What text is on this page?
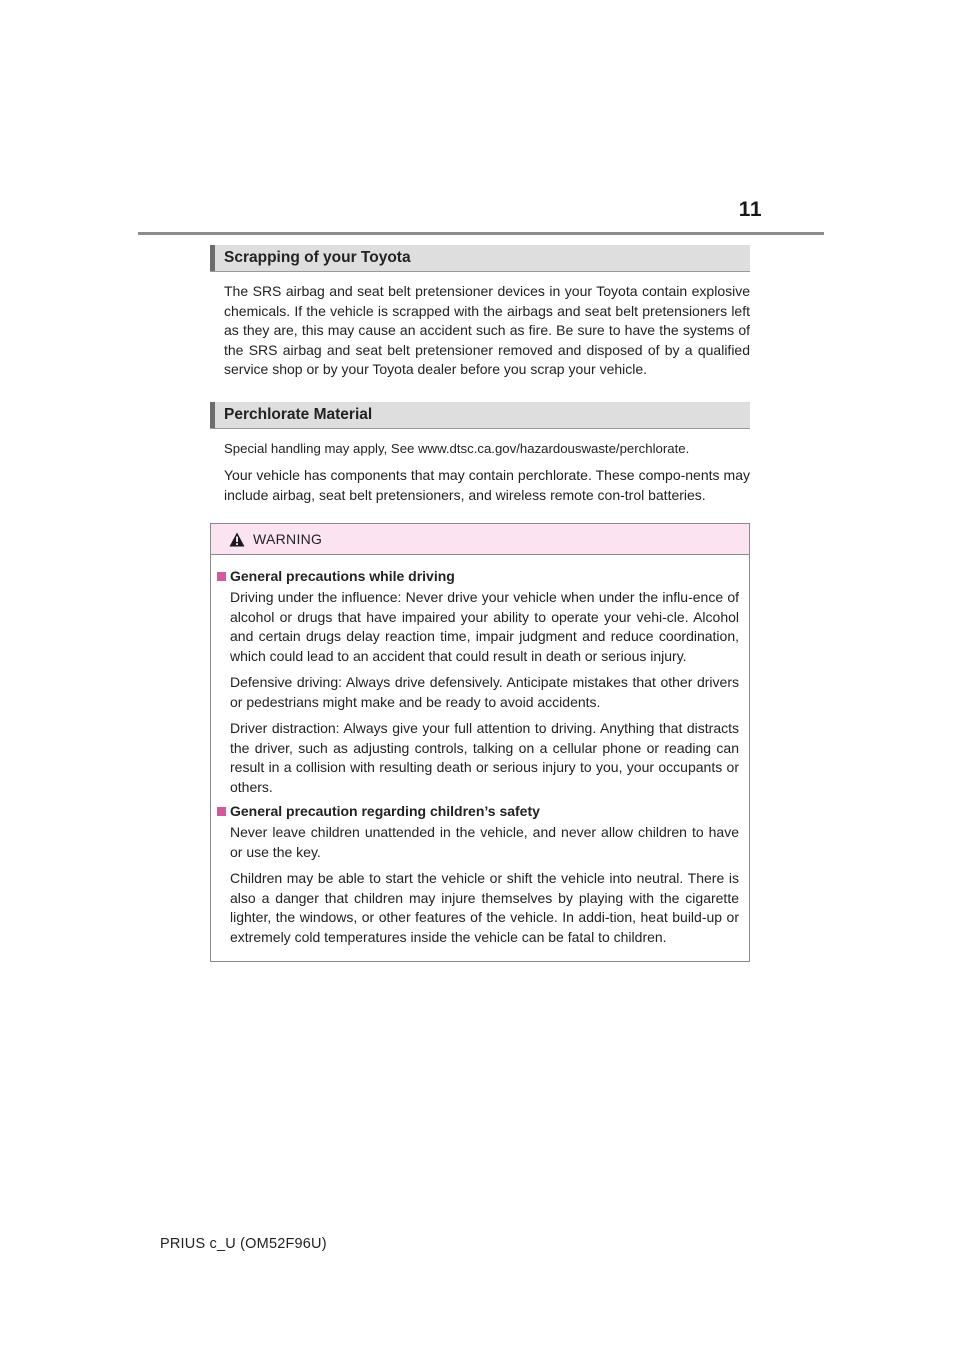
11
Scrapping of your Toyota

The SRS airbag and seat belt pretensioner devices in your Toyota contain explosive chemicals. If the vehicle is scrapped with the airbags and seat belt pretensioners left as they are, this may cause an accident such as fire. Be sure to have the systems of the SRS airbag and seat belt pretensioner removed and disposed of by a qualified service shop or by your Toyota dealer before you scrap your vehicle.

Perchlorate Material

Special handling may apply, See www.dtsc.ca.gov/hazardouswaste/perchlorate.

Your vehicle has components that may contain perchlorate. These compo-nents may include airbag, seat belt pretensioners, and wireless remote con-trol batteries.

WARNING
General precautions while driving

Driving under the influence: Never drive your vehicle when under the influ-ence of alcohol or drugs that have impaired your ability to operate your vehi-cle. Alcohol and certain drugs delay reaction time, impair judgment and reduce coordination, which could lead to an accident that could result in death or serious injury.

Defensive driving: Always drive defensively. Anticipate mistakes that other drivers or pedestrians might make and be ready to avoid accidents.

Driver distraction: Always give your full attention to driving. Anything that distracts the driver, such as adjusting controls, talking on a cellular phone or reading can result in a collision with resulting death or serious injury to you, your occupants or others.

General precaution regarding children’s safety

Never leave children unattended in the vehicle, and never allow children to have or use the key.

Children may be able to start the vehicle or shift the vehicle into neutral. There is also a danger that children may injure themselves by playing with the cigarette lighter, the windows, or other features of the vehicle. In addi-tion, heat build-up or extremely cold temperatures inside the vehicle can be fatal to children.

PRIUS c_U (OM52F96U)
